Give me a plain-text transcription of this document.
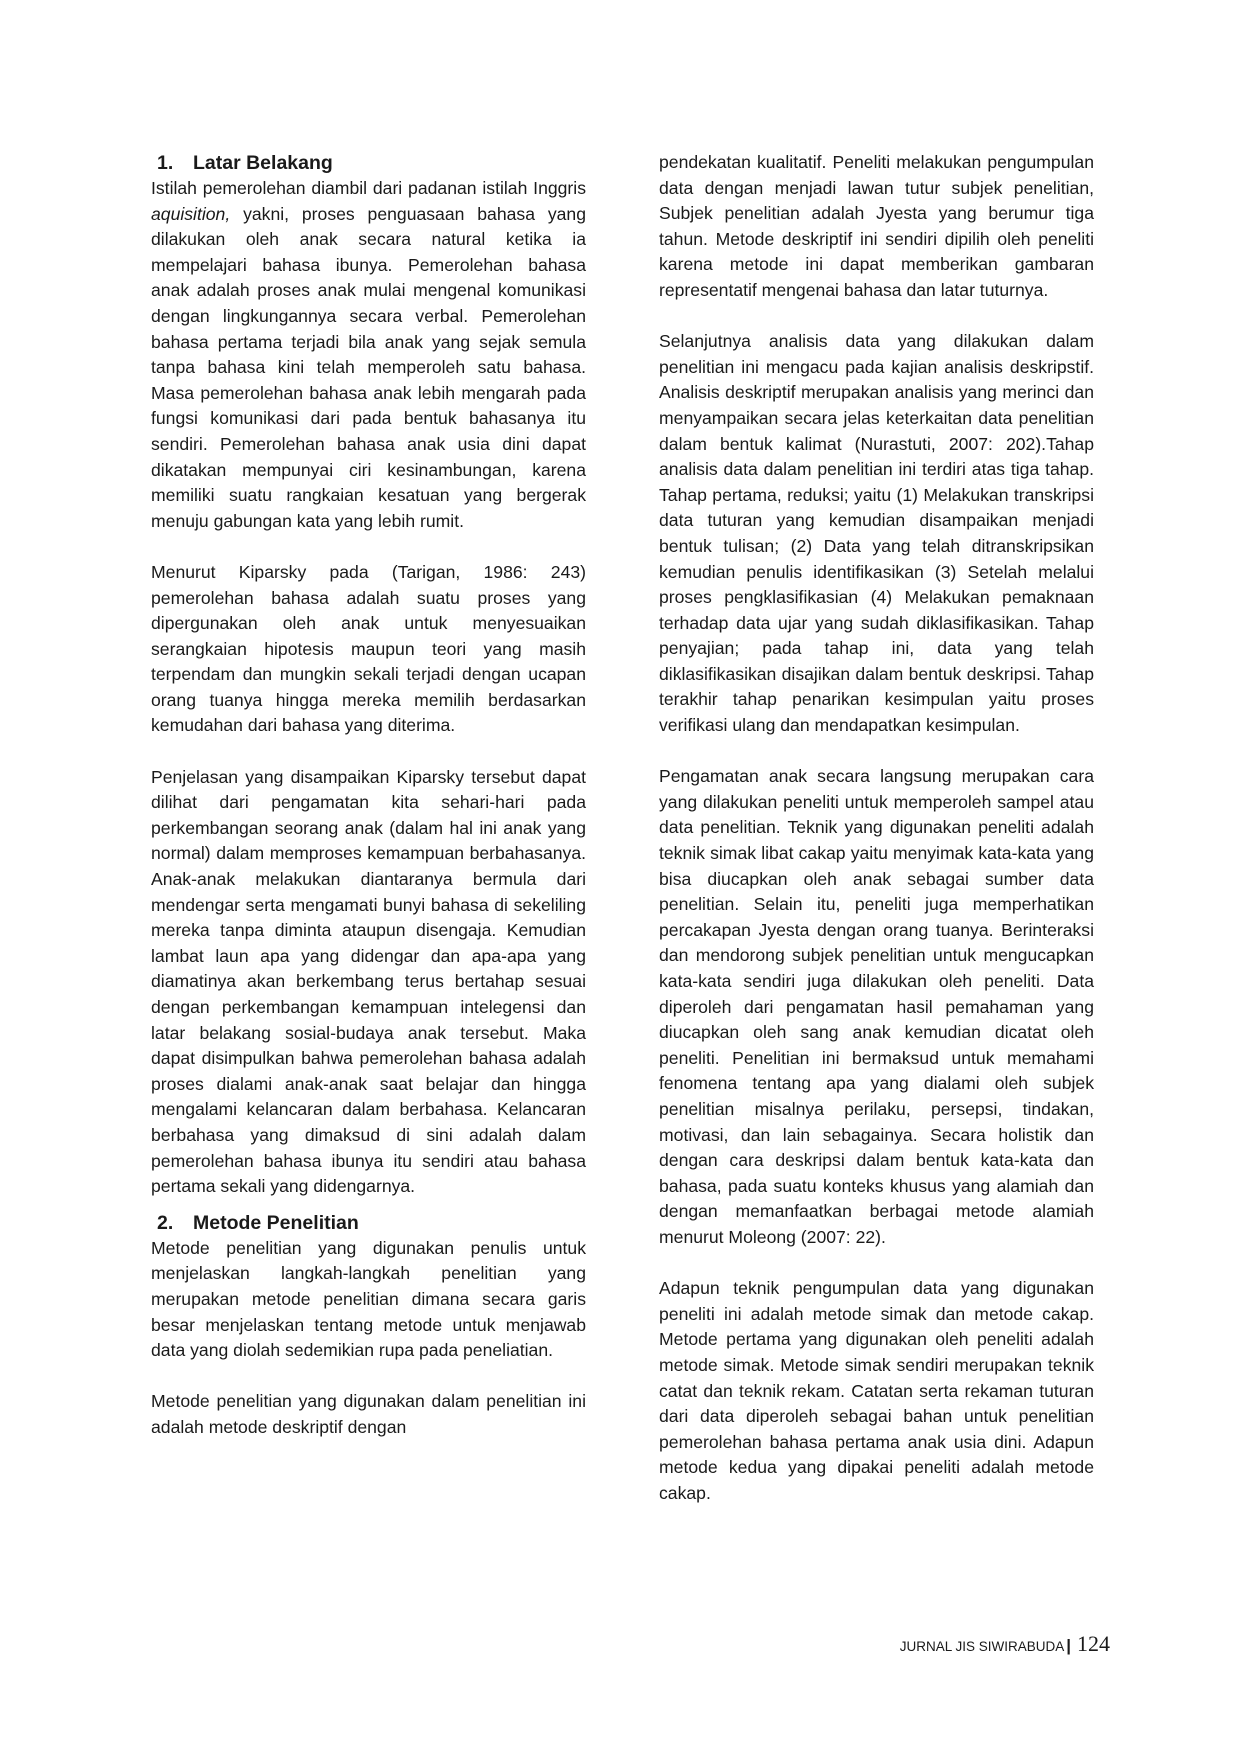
1. Latar Belakang

Istilah pemerolehan diambil dari padanan istilah Inggris aquisition, yakni, proses penguasaan bahasa yang dilakukan oleh anak secara natural ketika ia mempelajari bahasa ibunya. Pemerolehan bahasa anak adalah proses anak mulai mengenal komunikasi dengan lingkungannya secara verbal. Pemerolehan bahasa pertama terjadi bila anak yang sejak semula tanpa bahasa kini telah memperoleh satu bahasa. Masa pemerolehan bahasa anak lebih mengarah pada fungsi komunikasi dari pada bentuk bahasanya itu sendiri. Pemerolehan bahasa anak usia dini dapat dikatakan mempunyai ciri kesinambungan, karena memiliki suatu rangkaian kesatuan yang bergerak menuju gabungan kata yang lebih rumit.

Menurut Kiparsky pada (Tarigan, 1986: 243) pemerolehan bahasa adalah suatu proses yang dipergunakan oleh anak untuk menyesuaikan serangkaian hipotesis maupun teori yang masih terpendam dan mungkin sekali terjadi dengan ucapan orang tuanya hingga mereka memilih berdasarkan kemudahan dari bahasa yang diterima.

Penjelasan yang disampaikan Kiparsky tersebut dapat dilihat dari pengamatan kita sehari-hari pada perkembangan seorang anak (dalam hal ini anak yang normal) dalam memproses kemampuan berbahasanya. Anak-anak melakukan diantaranya bermula dari mendengar serta mengamati bunyi bahasa di sekeliling mereka tanpa diminta ataupun disengaja. Kemudian lambat laun apa yang didengar dan apa-apa yang diamatinya akan berkembang terus bertahap sesuai dengan perkembangan kemampuan intelegensi dan latar belakang sosial-budaya anak tersebut. Maka dapat disimpulkan bahwa pemerolehan bahasa adalah proses dialami anak-anak saat belajar dan hingga mengalami kelancaran dalam berbahasa. Kelancaran berbahasa yang dimaksud di sini adalah dalam pemerolehan bahasa ibunya itu sendiri atau bahasa pertama sekali yang didengarnya.

2. Metode Penelitian

Metode penelitian yang digunakan penulis untuk menjelaskan langkah-langkah penelitian yang merupakan metode penelitian dimana secara garis besar menjelaskan tentang metode untuk menjawab data yang diolah sedemikian rupa pada peneliatian.

Metode penelitian yang digunakan dalam penelitian ini adalah metode deskriptif dengan

pendekatan kualitatif. Peneliti melakukan pengumpulan data dengan menjadi lawan tutur subjek penelitian, Subjek penelitian adalah Jyesta yang berumur tiga tahun. Metode deskriptif ini sendiri dipilih oleh peneliti karena metode ini dapat memberikan gambaran representatif mengenai bahasa dan latar tuturnya.

Selanjutnya analisis data yang dilakukan dalam penelitian ini mengacu pada kajian analisis deskripstif. Analisis deskriptif merupakan analisis yang merinci dan menyampaikan secara jelas keterkaitan data penelitian dalam bentuk kalimat (Nurastuti, 2007: 202).Tahap analisis data dalam penelitian ini terdiri atas tiga tahap. Tahap pertama, reduksi; yaitu (1) Melakukan transkripsi data tuturan yang kemudian disampaikan menjadi bentuk tulisan; (2) Data yang telah ditranskripsikan kemudian penulis identifikasikan (3) Setelah melalui proses pengklasifikasian (4) Melakukan pemaknaan terhadap data ujar yang sudah diklasifikasikan. Tahap penyajian; pada tahap ini, data yang telah diklasifikasikan disajikan dalam bentuk deskripsi. Tahap terakhir tahap penarikan kesimpulan yaitu proses verifikasi ulang dan mendapatkan kesimpulan.

Pengamatan anak secara langsung merupakan cara yang dilakukan peneliti untuk memperoleh sampel atau data penelitian. Teknik yang digunakan peneliti adalah teknik simak libat cakap yaitu menyimak kata-kata yang bisa diucapkan oleh anak sebagai sumber data penelitian. Selain itu, peneliti juga memperhatikan percakapan Jyesta dengan orang tuanya. Berinteraksi dan mendorong subjek penelitian untuk mengucapkan kata-kata sendiri juga dilakukan oleh peneliti. Data diperoleh dari pengamatan hasil pemahaman yang diucapkan oleh sang anak kemudian dicatat oleh peneliti. Penelitian ini bermaksud untuk memahami fenomena tentang apa yang dialami oleh subjek penelitian misalnya perilaku, persepsi, tindakan, motivasi, dan lain sebagainya. Secara holistik dan dengan cara deskripsi dalam bentuk kata-kata dan bahasa, pada suatu konteks khusus yang alamiah dan dengan memanfaatkan berbagai metode alamiah menurut Moleong (2007: 22).

Adapun teknik pengumpulan data yang digunakan peneliti ini adalah metode simak dan metode cakap. Metode pertama yang digunakan oleh peneliti adalah metode simak. Metode simak sendiri merupakan teknik catat dan teknik rekam. Catatan serta rekaman tuturan dari data diperoleh sebagai bahan untuk penelitian pemerolehan bahasa pertama anak usia dini. Adapun metode kedua yang dipakai peneliti adalah metode cakap.

JURNAL JIS SIWIRABUDA | 124
